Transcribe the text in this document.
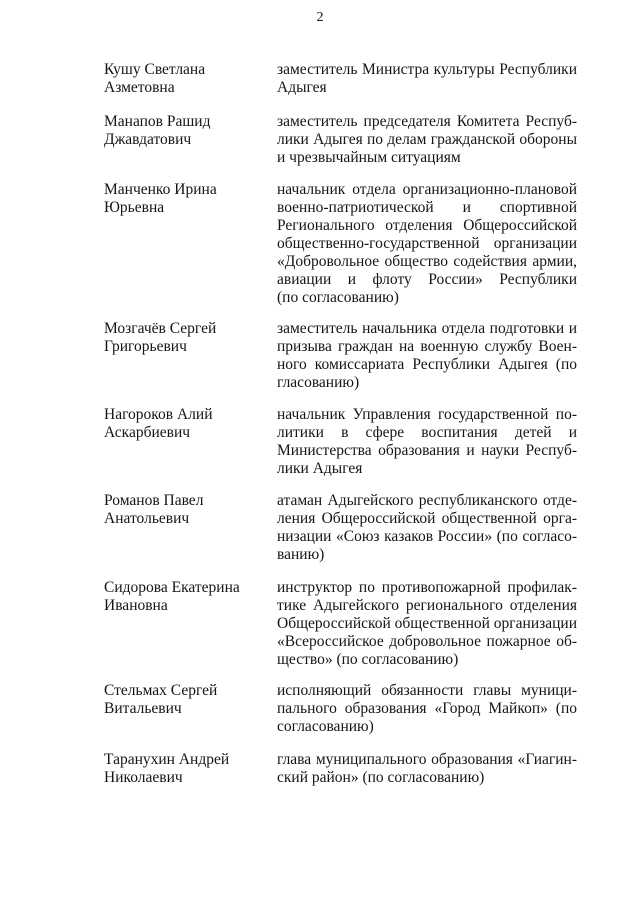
2
Кушу Светлана
Азметовна
заместитель Министра культуры Республики
Адыгея
Манапов Рашид
Джавдатович
заместитель председателя Комитета Респуб-
лики Адыгея по делам гражданской обороны
и чрезвычайным ситуациям
Манченко Ирина
Юрьевна
начальник отдела организационно-плановой
военно-патриотической и спортивной
Регионального отделения Общероссийской
общественно-государственной организации
«Добровольное общество содействия армии,
авиации и флоту России» Республики
(по согласованию)
Мозгачёв Сергей
Григорьевич
заместитель начальника отдела подготовки и
призыва граждан на военную службу Воен-
ного комиссариата Республики Адыгея (по
гласованию)
Нагороков Алий
Аскарбиевич
начальник Управления государственной по-
литики в сфере воспитания детей и
Министерства образования и науки Респуб-
лики Адыгея
Романов Павел
Анатольевич
атаман Адыгейского республиканского отде-
ления Общероссийской общественной орга-
низации «Союз казаков России» (по согласо-
ванию)
Сидорова Екатерина
Ивановна
инструктор по противопожарной профилак-
тике Адыгейского регионального отделения
Общероссийской общественной организации
«Всероссийское добровольное пожарное об-
щество» (по согласованию)
Стельмах Сергей
Витальевич
исполняющий обязанности главы муници-
пального образования «Город Майкоп» (по
согласованию)
Таранухин Андрей
Николаевич
глава муниципального образования «Гиагин-
ский район» (по согласованию)
